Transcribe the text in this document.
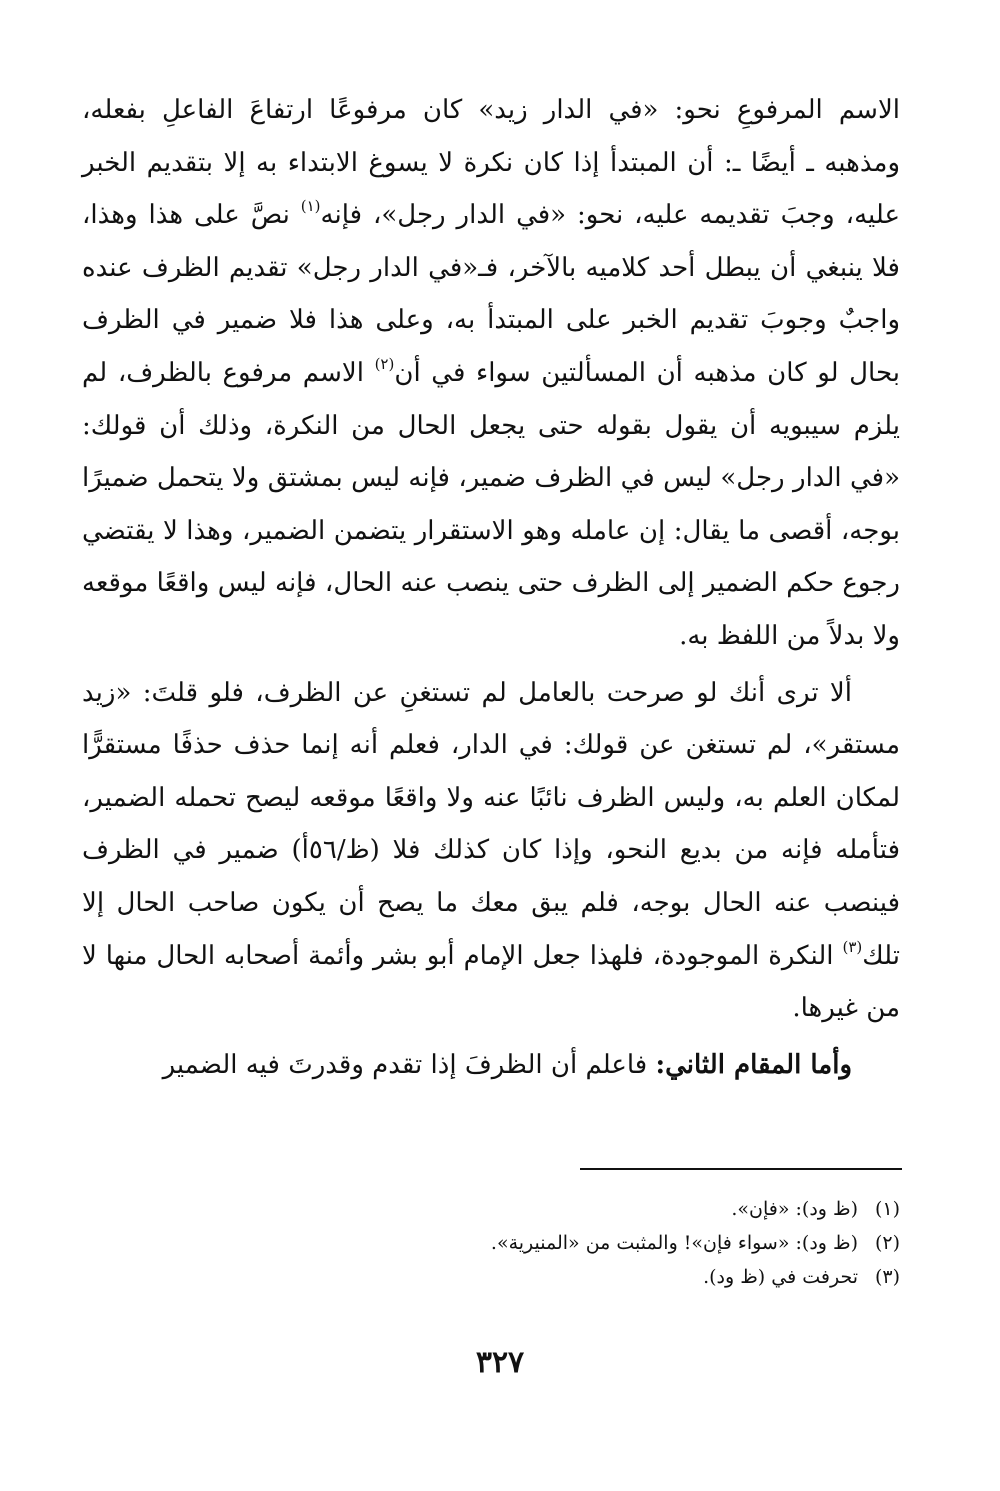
الاسم المرفوعِ نحو: «في الدار زيد» كان مرفوعًا ارتفاعَ الفاعلِ بفعله، ومذهبه ـ أيضًا ـ: أن المبتدأ إذا كان نكرة لا يسوغ الابتداء به إلا بتقديم الخبر عليه، وجبَ تقديمه عليه، نحو: «في الدار رجل»، فإنه$^{(١)}$ نصَّ على هذا وهذا، فلا ينبغي أن يبطل أحد كلاميه بالآخر، فـ«في الدار رجل» تقديم الظرف عنده واجبٌ وجوبَ تقديم الخبر على المبتدأ به، وعلى هذا فلا ضمير في الظرف بحال لو كان مذهبه أن المسألتين سواء في أن$^{(٢)}$ الاسم مرفوع بالظرف، لم يلزم سيبويه أن يقول بقوله حتى يجعل الحال من النكرة، وذلك أن قولك: «في الدار رجل» ليس في الظرف ضمير، فإنه ليس بمشتق ولا يتحمل ضميرًا بوجه، أقصى ما يقال: إن عامله وهو الاستقرار يتضمن الضمير، وهذا لا يقتضي رجوع حكم الضمير إلى الظرف حتى ينصب عنه الحال، فإنه ليس واقعًا موقعه ولا بدلاً من اللفظ به.

ألا ترى أنك لو صرحت بالعامل لم تستغنِ عن الظرف، فلو قلتَ: «زيد مستقر»، لم تستغن عن قولك: في الدار، فعلم أنه إنما حذف حذفًا مستقرًّا لمكان العلم به، وليس الظرف نائبًا عنه ولا واقعًا موقعه ليصح تحمله الضمير، فتأمله فإنه من بديع النحو، وإذا كان كذلك فلا (ظ/٥٦أ) ضمير في الظرف فينصب عنه الحال بوجه، فلم يبق معك ما يصح أن يكون صاحب الحال إلا تلك$^{(٣)}$ النكرة الموجودة، فلهذا جعل الإمام أبو بشر وأئمة أصحابه الحال منها لا من غيرها.

وأما المقام الثاني: فاعلم أن الظرفَ إذا تقدم وقدرتَ فيه الضمير

(١)(ظ ود): «فإن».

(٢)(ظ ود): «سواء فإن»! والمثبت من «المنيرية».

(٣)تحرفت في (ظ ود).

٣٢٧
